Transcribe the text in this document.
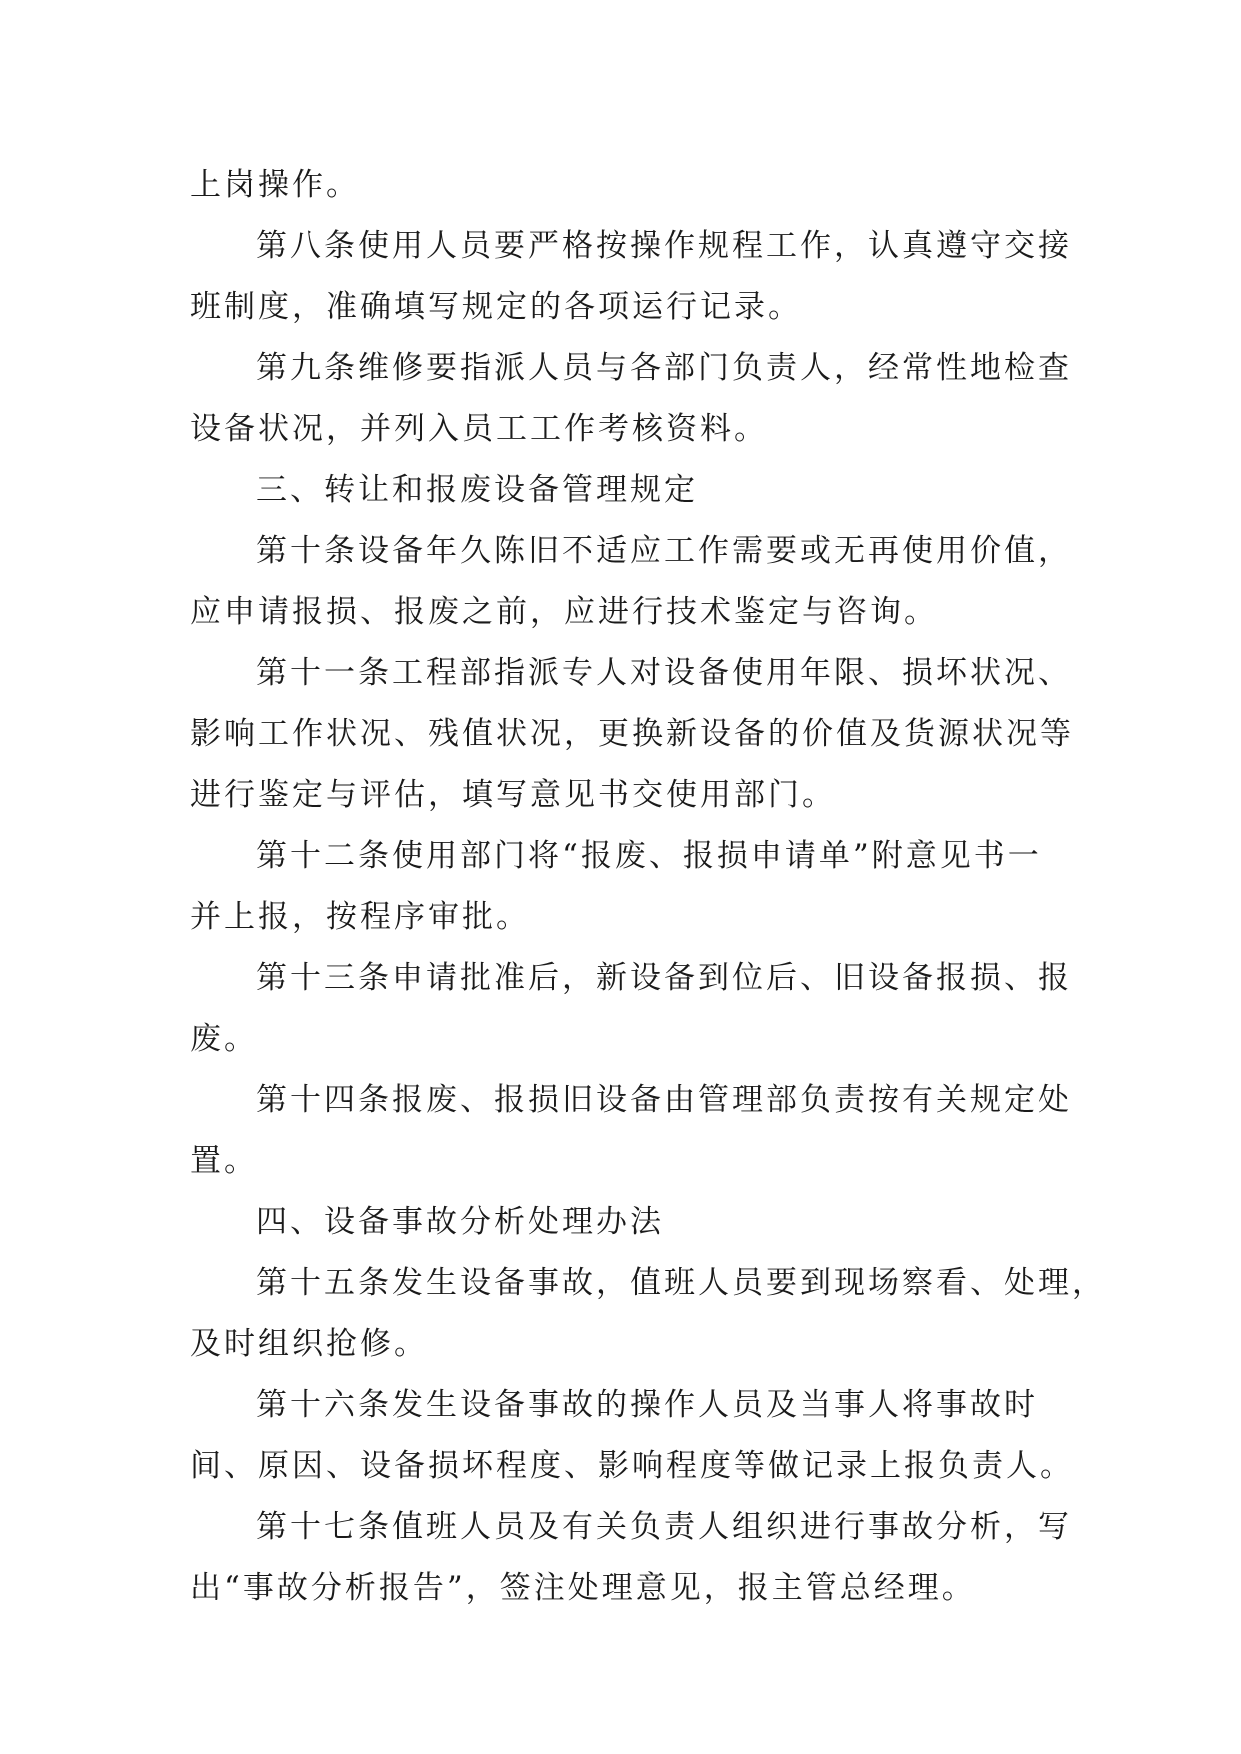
上岗操作。
第八条使用人员要严格按操作规程工作，认真遵守交接
班制度，准确填写规定的各项运行记录。
第九条维修要指派人员与各部门负责人，经常性地检查
设备状况，并列入员工工作考核资料。
三、转让和报废设备管理规定
第十条设备年久陈旧不适应工作需要或无再使用价值，
应申请报损、报废之前，应进行技术鉴定与咨询。
第十一条工程部指派专人对设备使用年限、损坏状况、
影响工作状况、残值状况，更换新设备的价值及货源状况等
进行鉴定与评估，填写意见书交使用部门。
第十二条使用部门将“报废、报损申请单”附意见书一
并上报，按程序审批。
第十三条申请批准后，新设备到位后、旧设备报损、报
废。
第十四条报废、报损旧设备由管理部负责按有关规定处
置。
四、设备事故分析处理办法
第十五条发生设备事故，值班人员要到现场察看、处理，
及时组织抢修。
第十六条发生设备事故的操作人员及当事人将事故时
间、原因、设备损坏程度、影响程度等做记录上报负责人。
第十七条值班人员及有关负责人组织进行事故分析，写
出“事故分析报告”，签注处理意见，报主管总经理。
